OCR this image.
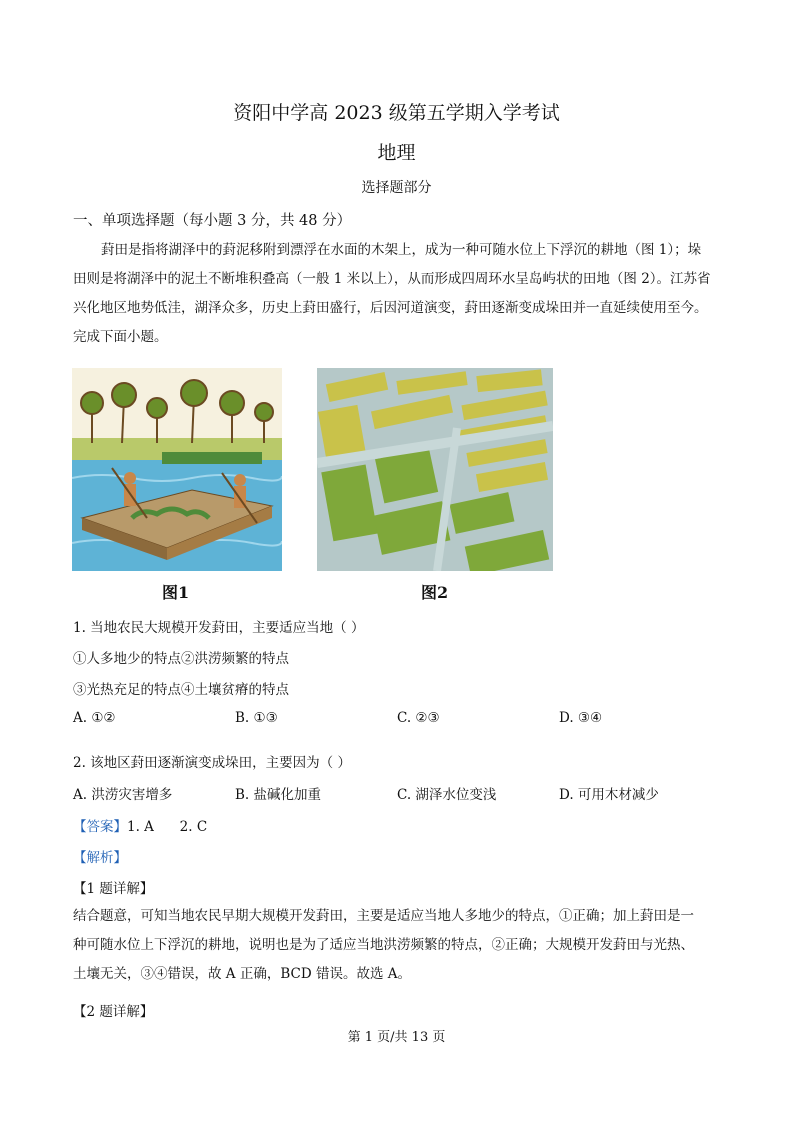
资阳中学高 2023 级第五学期入学考试
地理
选择题部分
一、单项选择题（每小题 3 分，共 48 分）

葑田是指将湖泽中的葑泥移附到漂浮在水面的木架上，成为一种可随水位上下浮沉的耕地（图 1）；垛

田则是将湖泽中的泥土不断堆积叠高（一般 1 米以上），从而形成四周环水呈岛屿状的田地（图 2）。江苏省

兴化地区地势低洼，湖泽众多，历史上葑田盛行，后因河道演变，葑田逐渐变成垛田并一直延续使用至今。

完成下面小题。

图1	图2
1. 当地农民大规模开发葑田，主要适应当地（ ）
①人多地少的特点②洪涝频繁的特点
③光热充足的特点④土壤贫瘠的特点
A. ①②	B. ①③	C. ②③	D. ③④
2. 该地区葑田逐渐演变成垛田，主要因为（ ）
A. 洪涝灾害增多	B. 盐碱化加重	C. 湖泽水位变浅	D. 可用木材减少
【答案】1. A      2. C
【解析】
【1 题详解】

结合题意，可知当地农民早期大规模开发葑田，主要是适应当地人多地少的特点，①正确；加上葑田是一

种可随水位上下浮沉的耕地，说明也是为了适应当地洪涝频繁的特点，②正确；大规模开发葑田与光热、

土壤无关，③④错误，故 A 正确，BCD 错误。故选 A。

【2 题详解】
第 1 页/共 13 页
